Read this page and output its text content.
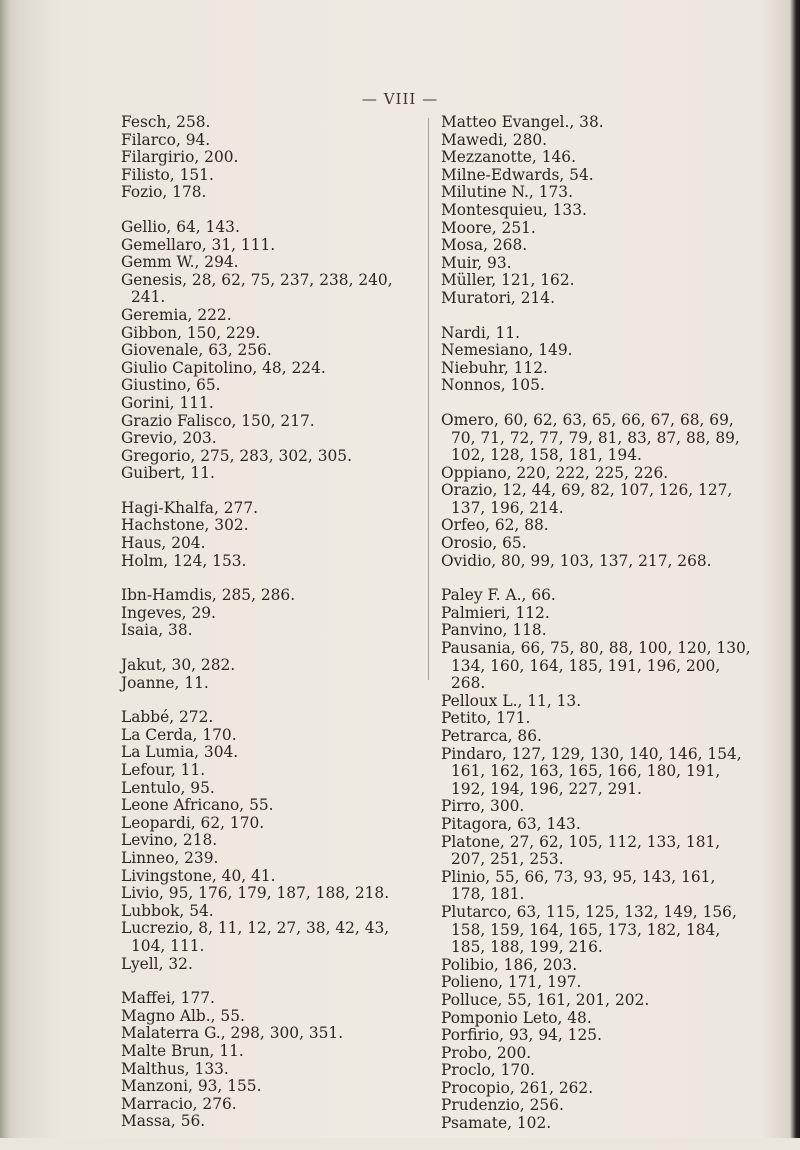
— VIII —
Fesch, 258.
Filarco, 94.
Filargirio, 200.
Filisto, 151.
Fozio, 178.
Gellio, 64, 143.
Gemellaro, 31, 111.
Gemm W., 294.
Genesis, 28, 62, 75, 237, 238, 240, 241.
Geremia, 222.
Gibbon, 150, 229.
Giovenale, 63, 256.
Giulio Capitolino, 48, 224.
Giustino, 65.
Gorini, 111.
Grazio Falisco, 150, 217.
Grevio, 203.
Gregorio, 275, 283, 302, 305.
Guibert, 11.
Hagi-Khalfa, 277.
Hachstone, 302.
Haus, 204.
Holm, 124, 153.
Ibn-Hamdis, 285, 286.
Ingeves, 29.
Isaia, 38.
Jakut, 30, 282.
Joanne, 11.
Labbé, 272.
La Cerda, 170.
La Lumia, 304.
Lefour, 11.
Lentulo, 95.
Leone Africano, 55.
Leopardi, 62, 170.
Levino, 218.
Linneo, 239.
Livingstone, 40, 41.
Livio, 95, 176, 179, 187, 188, 218.
Lubbok, 54.
Lucrezio, 8, 11, 12, 27, 38, 42, 43, 104, 111.
Lyell, 32.
Maffei, 177.
Magno Alb., 55.
Malaterra G., 298, 300, 351.
Malte Brun, 11.
Malthus, 133.
Manzoni, 93, 155.
Marracio, 276.
Massa, 56.
Matteo Evangel., 38.
Mawedi, 280.
Mezzanotte, 146.
Milne-Edwards, 54.
Milutine N., 173.
Montesquieu, 133.
Moore, 251.
Mosa, 268.
Muir, 93.
Müller, 121, 162.
Muratori, 214.
Nardi, 11.
Nemesiano, 149.
Niebuhr, 112.
Nonnos, 105.
Omero, 60, 62, 63, 65, 66, 67, 68, 69, 70, 71, 72, 77, 79, 81, 83, 87, 88, 89, 102, 128, 158, 181, 194.
Oppiano, 220, 222, 225, 226.
Orazio, 12, 44, 69, 82, 107, 126, 127, 137, 196, 214.
Orfeo, 62, 88.
Orosio, 65.
Ovidio, 80, 99, 103, 137, 217, 268.
Paley F. A., 66.
Palmieri, 112.
Panvino, 118.
Pausania, 66, 75, 80, 88, 100, 120, 130, 134, 160, 164, 185, 191, 196, 200, 268.
Pelloux L., 11, 13.
Petito, 171.
Petrarca, 86.
Pindaro, 127, 129, 130, 140, 146, 154, 161, 162, 163, 165, 166, 180, 191, 192, 194, 196, 227, 291.
Pirro, 300.
Pitagora, 63, 143.
Platone, 27, 62, 105, 112, 133, 181, 207, 251, 253.
Plinio, 55, 66, 73, 93, 95, 143, 161, 178, 181.
Plutarco, 63, 115, 125, 132, 149, 156, 158, 159, 164, 165, 173, 182, 184, 185, 188, 199, 216.
Polibio, 186, 203.
Polieno, 171, 197.
Polluce, 55, 161, 201, 202.
Pomponio Leto, 48.
Porfirio, 93, 94, 125.
Probo, 200.
Proclo, 170.
Procopio, 261, 262.
Prudenzio, 256.
Psamate, 102.
